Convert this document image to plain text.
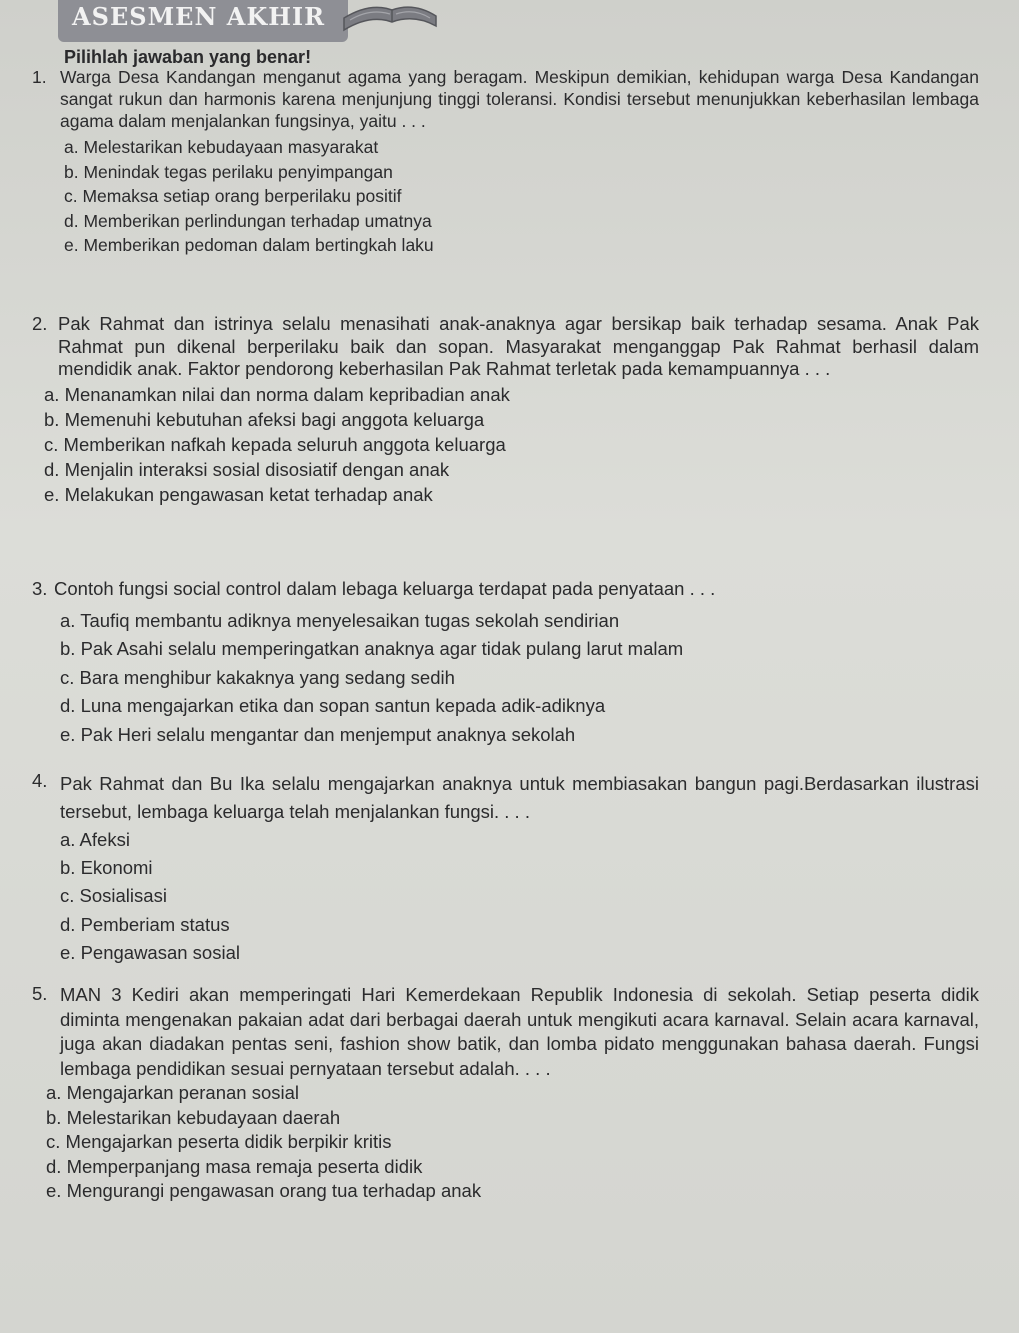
ASESMEN AKHIR
Pilihlah jawaban yang benar!
1. Warga Desa Kandangan menganut agama yang beragam. Meskipun demikian, kehidupan warga Desa Kandangan sangat rukun dan harmonis karena menjunjung tinggi toleransi. Kondisi tersebut menunjukkan keberhasilan lembaga agama dalam menjalankan fungsinya, yaitu . . .
a. Melestarikan kebudayaan masyarakat
b. Menindak tegas perilaku penyimpangan
c. Memaksa setiap orang berperilaku positif
d. Memberikan perlindungan terhadap umatnya
e. Memberikan pedoman dalam bertingkah laku
2. Pak Rahmat dan istrinya selalu menasihati anak-anaknya agar bersikap baik terhadap sesama. Anak Pak Rahmat pun dikenal berperilaku baik dan sopan. Masyarakat menganggap Pak Rahmat berhasil dalam mendidik anak. Faktor pendorong keberhasilan Pak Rahmat terletak pada kemampuannya . . .
a. Menanamkan nilai dan norma dalam kepribadian anak
b. Memenuhi kebutuhan afeksi bagi anggota keluarga
c. Memberikan nafkah kepada seluruh anggota keluarga
d. Menjalin interaksi sosial disosiatif dengan anak
e. Melakukan pengawasan ketat terhadap anak
3. Contoh fungsi social control dalam lebaga keluarga terdapat pada penyataan . . .
a. Taufiq membantu adiknya menyelesaikan tugas sekolah sendirian
b. Pak Asahi selalu memperingatkan anaknya agar tidak pulang larut malam
c. Bara menghibur kakaknya yang sedang sedih
d. Luna mengajarkan etika dan sopan santun kepada adik-adiknya
e. Pak Heri selalu mengantar dan menjemput anaknya sekolah
4. Pak Rahmat dan Bu Ika selalu mengajarkan anaknya untuk membiasakan bangun pagi.Berdasarkan ilustrasi tersebut, lembaga keluarga telah menjalankan fungsi. . . .
a. Afeksi
b. Ekonomi
c. Sosialisasi
d. Pemberiam status
e. Pengawasan sosial
5. MAN 3 Kediri akan memperingati Hari Kemerdekaan Republik Indonesia di sekolah. Setiap peserta didik diminta mengenakan pakaian adat dari berbagai daerah untuk mengikuti acara karnaval. Selain acara karnaval, juga akan diadakan pentas seni, fashion show batik, dan lomba pidato menggunakan bahasa daerah. Fungsi lembaga pendidikan sesuai pernyataan tersebut adalah. . . .
a. Mengajarkan peranan sosial
b. Melestarikan kebudayaan daerah
c. Mengajarkan peserta didik berpikir kritis
d. Memperpanjang masa remaja peserta didik
e. Mengurangi pengawasan orang tua terhadap anak
